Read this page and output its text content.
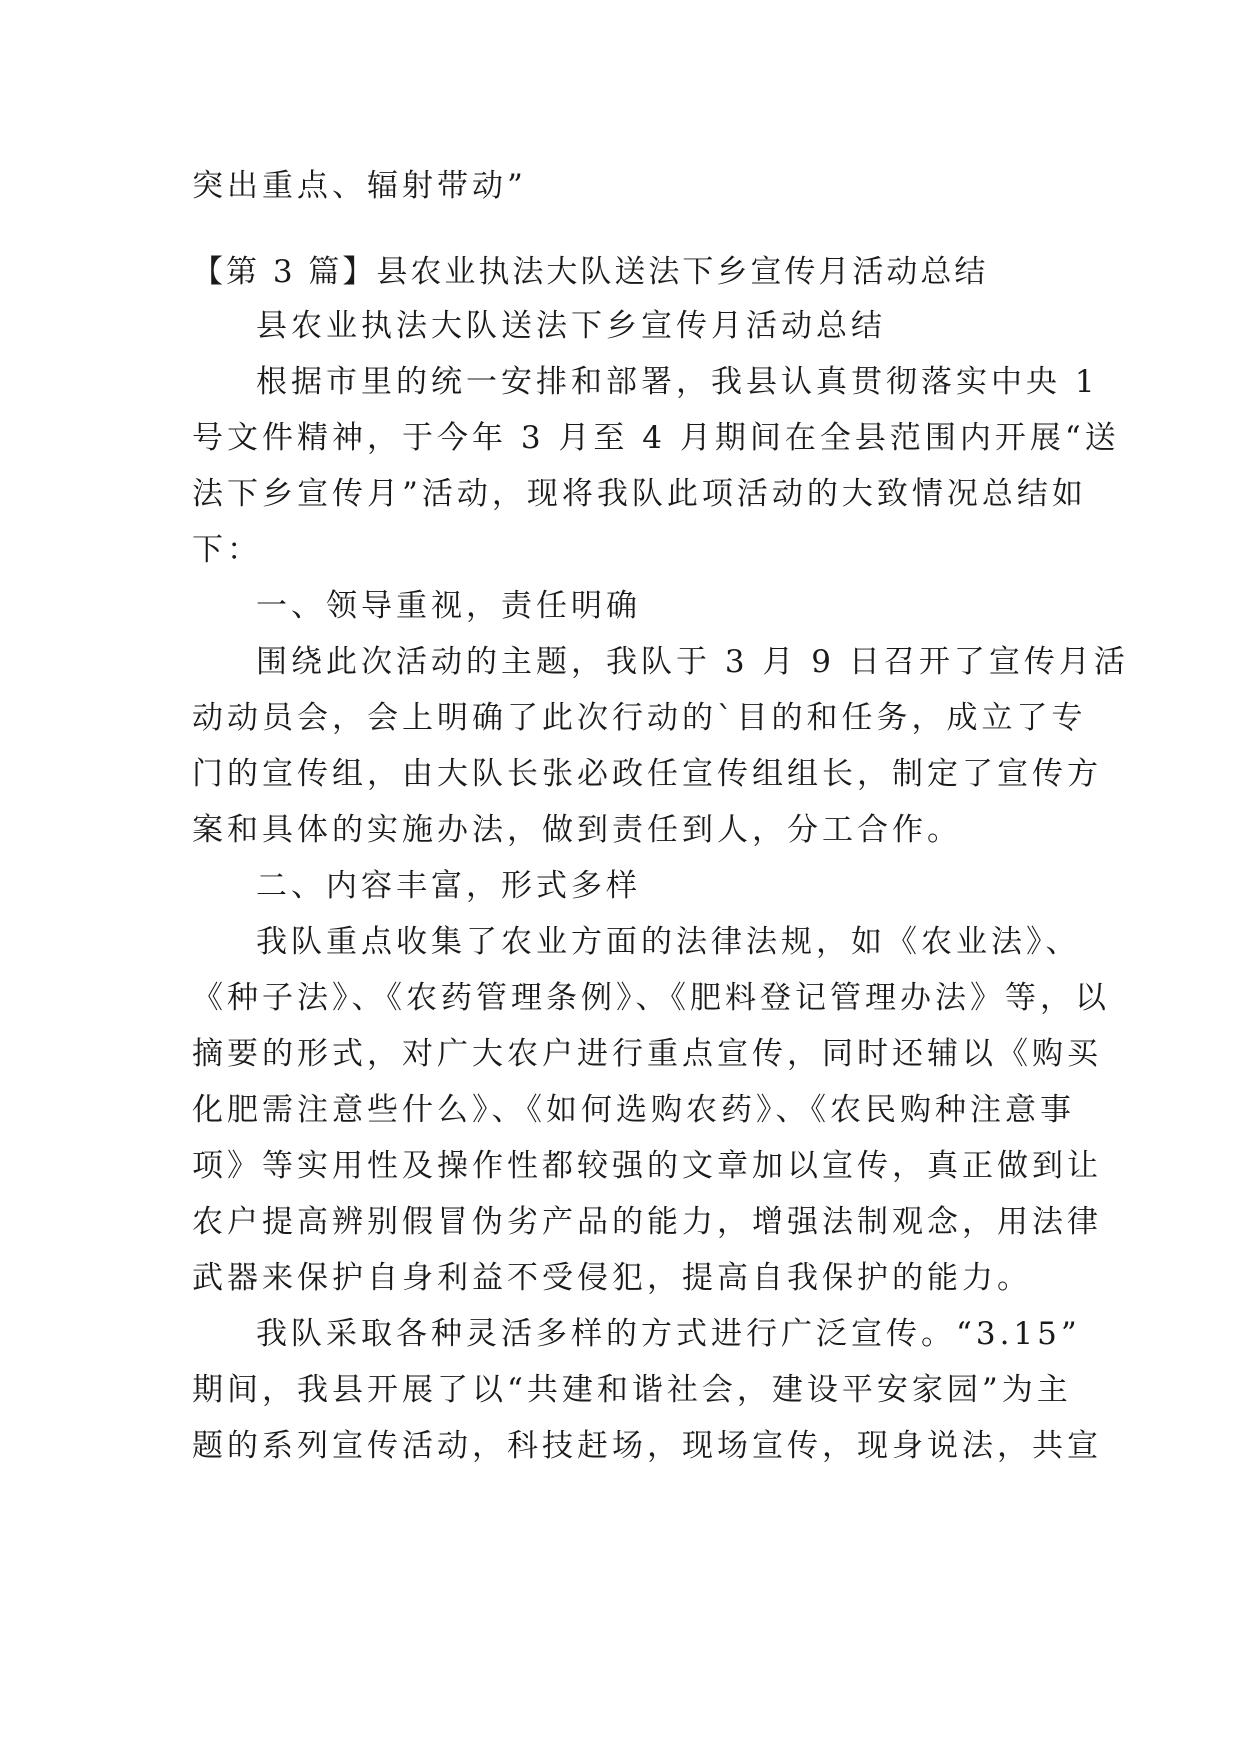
突出重点、辐射带动”
【第 3 篇】县农业执法大队送法下乡宣传月活动总结
县农业执法大队送法下乡宣传月活动总结
根据市里的统一安排和部署，我县认真贯彻落实中央 1
号文件精神，于今年 3 月至 4 月期间在全县范围内开展“送
法下乡宣传月”活动，现将我队此项活动的大致情况总结如
下：
一、领导重视，责任明确
围绕此次活动的主题，我队于 3 月 9 日召开了宣传月活
动动员会，会上明确了此次行动的`目的和任务，成立了专
门的宣传组，由大队长张必政任宣传组组长，制定了宣传方
案和具体的实施办法，做到责任到人，分工合作。
二、内容丰富，形式多样
我队重点收集了农业方面的法律法规，如《农业法》、
《种子法》、《农药管理条例》、《肥料登记管理办法》等，以
摘要的形式，对广大农户进行重点宣传，同时还辅以《购买
化肥需注意些什么》、《如何选购农药》、《农民购种注意事
项》等实用性及操作性都较强的文章加以宣传，真正做到让
农户提高辨别假冒伪劣产品的能力，增强法制观念，用法律
武器来保护自身利益不受侵犯，提高自我保护的能力。
我队采取各种灵活多样的方式进行广泛宣传。“3.15”
期间，我县开展了以“共建和谐社会，建设平安家园”为主
题的系列宣传活动，科技赶场，现场宣传，现身说法，共宣
